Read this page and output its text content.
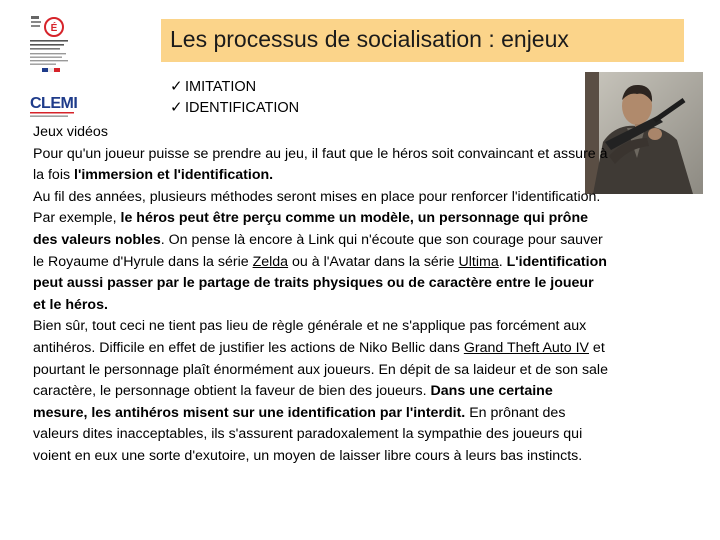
É
CLEMI
Les processus de socialisation : enjeux
✓ IMITATION
✓ IDENTIFICATION

Jeux vidéos

Pour qu'un joueur puisse se prendre au jeu, il faut que le héros soit convaincant et assure à la fois l'immersion et l'identification.

Au fil des années, plusieurs méthodes seront mises en place pour renforcer l'identification. Par exemple, le héros peut être perçu comme un modèle, un personnage qui prône des valeurs nobles. On pense là encore à Link qui n'écoute que son courage pour sauver le Royaume d'Hyrule dans la série Zelda ou à l'Avatar dans la série Ultima. L'identification peut aussi passer par le partage de traits physiques ou de caractère entre le joueur et le héros.

Bien sûr, tout ceci ne tient pas lieu de règle générale et ne s'applique pas forcément aux antihéros. Difficile en effet de justifier les actions de Niko Bellic dans Grand Theft Auto IV et pourtant le personnage plaît énormément aux joueurs. En dépit de sa laideur et de son sale caractère, le personnage obtient la faveur de bien des joueurs. Dans une certaine mesure, les antihéros misent sur une identification par l'interdit. En prônant des valeurs dites inacceptables, ils s'assurent paradoxalement la sympathie des joueurs qui voient en eux une sorte d'exutoire, un moyen de laisser libre cours à leurs bas instincts.
